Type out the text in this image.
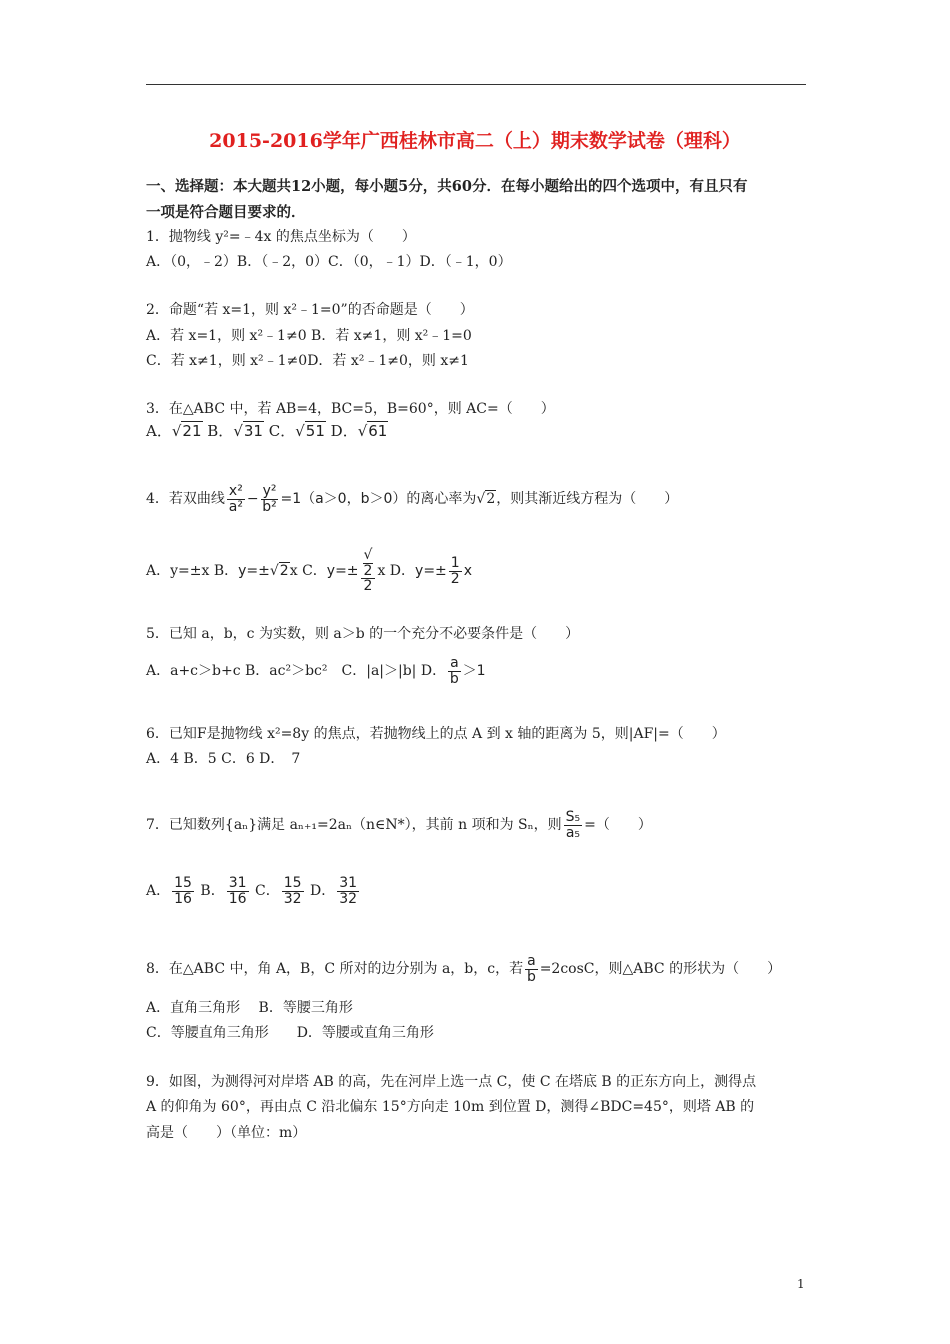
2015-2016学年广西桂林市高二（上）期末数学试卷（理科）
一、选择题：本大题共12小题，每小题5分，共60分．在每小题给出的四个选项中，有且只有
一项是符合题目要求的．
1．抛物线 y²=﹣4x 的焦点坐标为（　　）
A．（0，﹣2）B．（﹣2，0）C．（0，﹣1）D．（﹣1，0）
2．命题“若 x=1，则 x²﹣1=0”的否命题是（　　）
A．若 x=1，则 x²﹣1≠0 B．若 x≠1，则 x²﹣1=0
C．若 x≠1，则 x²﹣1≠0D．若 x²﹣1≠0，则 x≠1
3．在△ABC 中，若 AB=4，BC=5，B=60°，则 AC=（　　）
A．√21 B．√31 C．√51 D．√61
4．若双曲线 $\frac{\text{x²}}{\text{a²}} - \frac{\text{y²}}{\text{b²}} =1(a>0$，b＞0）的离心率为√2，则其渐近线方程为（　　）
A．y=±x B．y=±√2x C．y=± √
2
2 x D．$y=\pm \frac{1}{2}$ x
5．已知 a，b，c 为实数，则 a＞b 的一个充分不必要条件是（　　）
A．a+c＞b+c B．ac²＞bc²　C．|a|＞|b| D． $\frac{a}{b} >1$
6．已知F是抛物线 x²=8y 的焦点，若抛物线上的点 A 到 x 轴的距离为 5，则|AF|=（　　）
A．4 B．5 C．6 D．　7
7．已知数列{aₙ}满足 aₙ₊₁=2aₙ（n∈N*），其前 n 项和为 Sₙ，则 $\frac{\text{S₅}}{\text{a₅}}$ =（　　）
A． $\frac{15}{16}$ B． $\frac{31}{16}$ C． $\frac{15}{32}$ D． $\frac{31}{32}$
8．在△ABC 中，角 A，B，C 所对的边分别为 a，b，c，若 $\frac{a}{b} =2\cos C$，则△ABC 的形状为（　　）
A．直角三角形　 B．等腰三角形
C．等腰直角三角形　　D．等腰或直角三角形
9．如图，为测得河对岸塔 AB 的高，先在河岸上选一点 C，使 C 在塔底 B 的正东方向上，测得点
A 的仰角为 60°，再由点 C 沿北偏东 15°方向走 10m 到位置 D，测得∠BDC=45°，则塔 AB 的
高是（　　）（单位：m）
1
